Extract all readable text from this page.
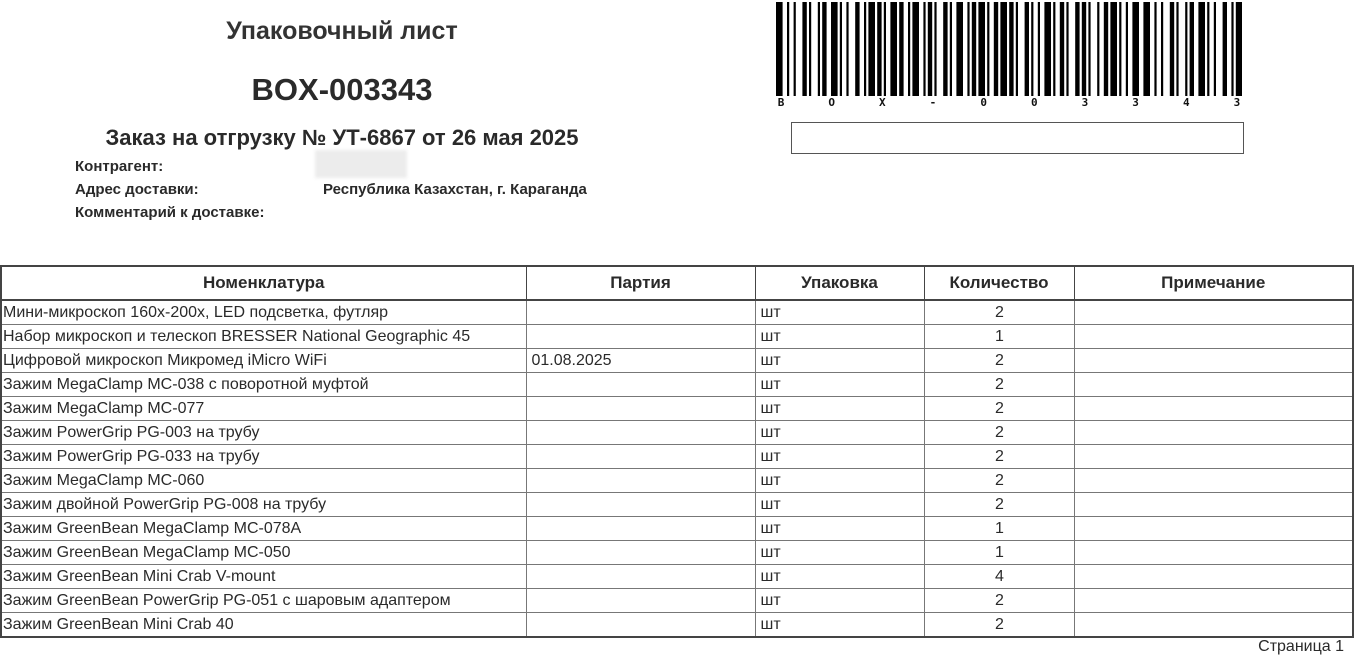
Упаковочный лист
BOX-003343
Заказ на отгрузку № УТ-6867 от 26 мая 2025
Контрагент:
Адрес доставки:	Республика Казахстан, г. Караганда
Комментарий к доставке:
B	O	X	-	0	0	3	3	4	3
Номенклатура	Партия	Упаковка	Количество	Примечание
Мини-микроскоп 160x-200x, LED подсветка, футляр		шт	2	
Набор микроскоп и телескоп BRESSER National Geographic 45		шт	1	
Цифровой микроскоп Микромед iMicro WiFi	01.08.2025	шт	2	
Зажим MegaClamp MC-038 с поворотной муфтой		шт	2	
Зажим MegaClamp MC-077		шт	2	
Зажим PowerGrip PG-003 на трубу		шт	2	
Зажим PowerGrip PG-033 на трубу		шт	2	
Зажим MegaClamp MC-060		шт	2	
Зажим двойной PowerGrip PG-008 на трубу		шт	2	
Зажим GreenBean MegaClamp MC-078A		шт	1	
Зажим GreenBean MegaClamp MC-050		шт	1	
Зажим GreenBean Mini Crab V-mount		шт	4	
Зажим GreenBean PowerGrip PG-051 с шаровым адаптером		шт	2	
Зажим GreenBean Mini Crab 40		шт	2	
Страница 1
